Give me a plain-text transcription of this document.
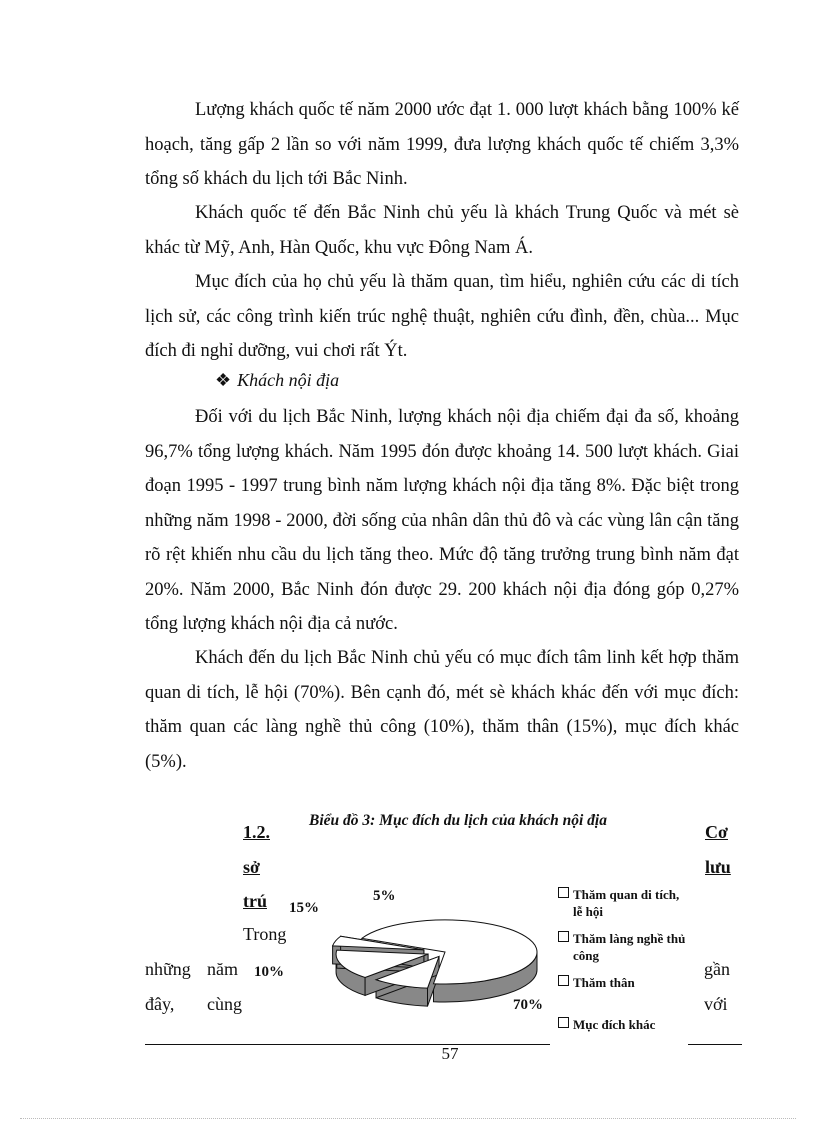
Lượng khách quốc tế năm 2000 ước đạt 1. 000 lượt khách bằng 100% kế hoạch, tăng gấp 2 lần so với năm 1999, đưa lượng khách quốc tế chiếm 3,3% tổng số khách du lịch tới Bắc Ninh.

Khách quốc tế đến Bắc Ninh chủ yếu là khách Trung Quốc và mét sè khác từ Mỹ, Anh, Hàn Quốc, khu vực Đông Nam Á.

Mục đích của họ chủ yếu là thăm quan, tìm hiểu, nghiên cứu các di tích lịch sử, các công trình kiến trúc nghệ thuật, nghiên cứu đình, đền, chùa... Mục đích đi nghỉ dưỡng, vui chơi rất Ýt.

❖ Khách nội địa

Đối với du lịch Bắc Ninh, lượng khách nội địa chiếm đại đa số, khoảng 96,7% tổng lượng khách. Năm 1995 đón được khoảng 14. 500 lượt khách. Giai đoạn 1995 - 1997 trung bình năm lượng khách nội địa tăng 8%. Đặc biệt trong những năm 1998 - 2000, đời sống của nhân dân thủ đô và các vùng lân cận tăng rõ rệt khiến nhu cầu du lịch tăng theo. Mức độ tăng trưởng trung bình năm đạt 20%. Năm 2000, Bắc Ninh đón được 29. 200 khách nội địa đóng góp 0,27% tổng lượng khách nội địa cả nước.

Khách đến du lịch Bắc Ninh chủ yếu có mục đích tâm linh kết hợp thăm quan di tích, lễ hội (70%). Bên cạnh đó, mét sè khách khác đến với mục đích: thăm quan các làng nghề thủ công (10%), thăm thân (15%), mục đích khác (5%).

Biểu đồ 3: Mục đích du lịch của khách nội địa
1.2.
sở
trú
Trong
Cơ
lưu
những năm	gần
đây, cùng	với
70%
10%
15%
5%	Thăm quan di tích, lễ hội
Thăm làng nghề thủ công
Thăm thân
Mục đích khác
57
